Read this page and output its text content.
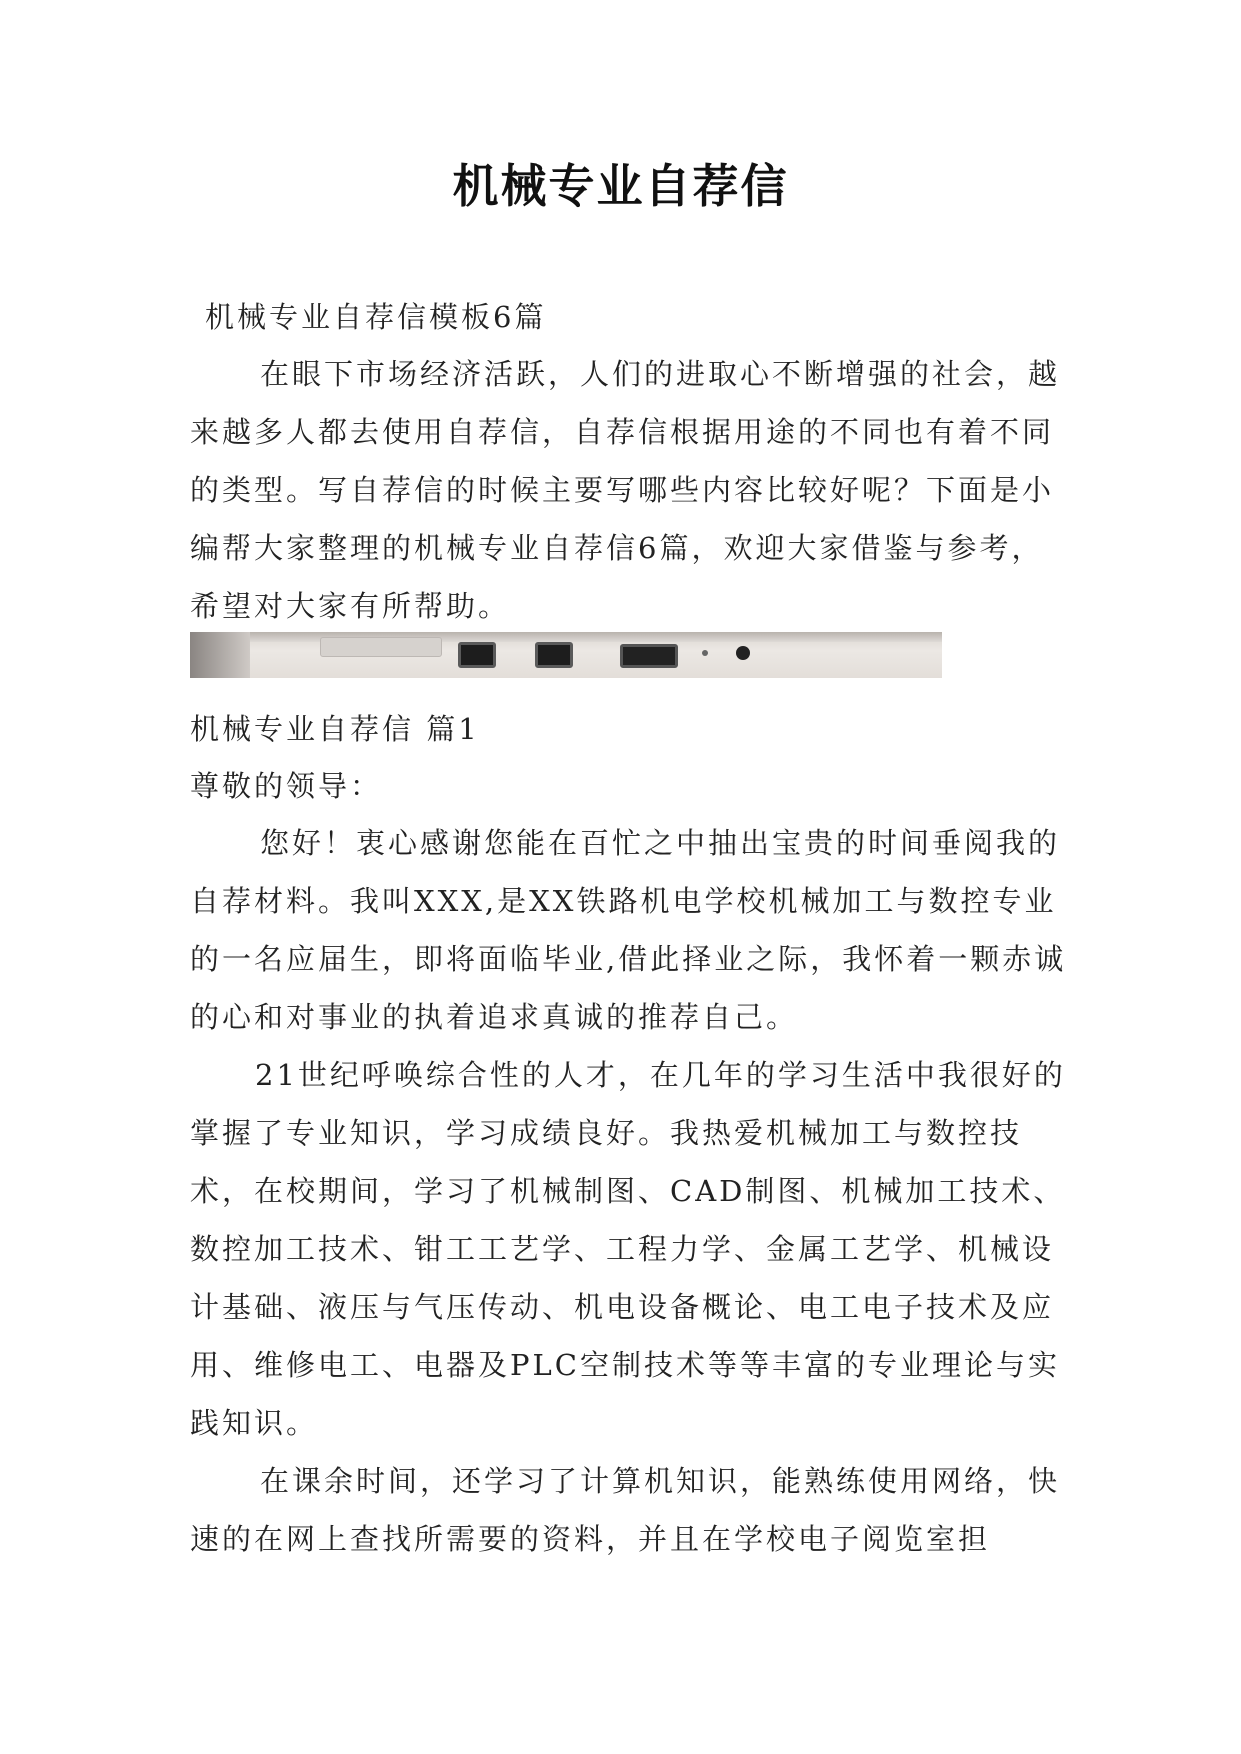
机械专业自荐信
机械专业自荐信模板6篇
在眼下市场经济活跃，人们的进取心不断增强的社会，越来越多人都去使用自荐信，自荐信根据用途的不同也有着不同的类型。写自荐信的时候主要写哪些内容比较好呢？下面是小编帮大家整理的机械专业自荐信6篇，欢迎大家借鉴与参考，希望对大家有所帮助。
机械专业自荐信 篇1
尊敬的领导：
您好！衷心感谢您能在百忙之中抽出宝贵的时间垂阅我的自荐材料。我叫XXX,是XX铁路机电学校机械加工与数控专业的一名应届生，即将面临毕业,借此择业之际，我怀着一颗赤诚的心和对事业的执着追求真诚的推荐自己。
21世纪呼唤综合性的人才，在几年的学习生活中我很好的掌握了专业知识，学习成绩良好。我热爱机械加工与数控技术，在校期间，学习了机械制图、CAD制图、机械加工技术、数控加工技术、钳工工艺学、工程力学、金属工艺学、机械设计基础、液压与气压传动、机电设备概论、电工电子技术及应用、维修电工、电器及PLC空制技术等等丰富的专业理论与实践知识。
在课余时间，还学习了计算机知识，能熟练使用网络，快速的在网上查找所需要的资料，并且在学校电子阅览室担
